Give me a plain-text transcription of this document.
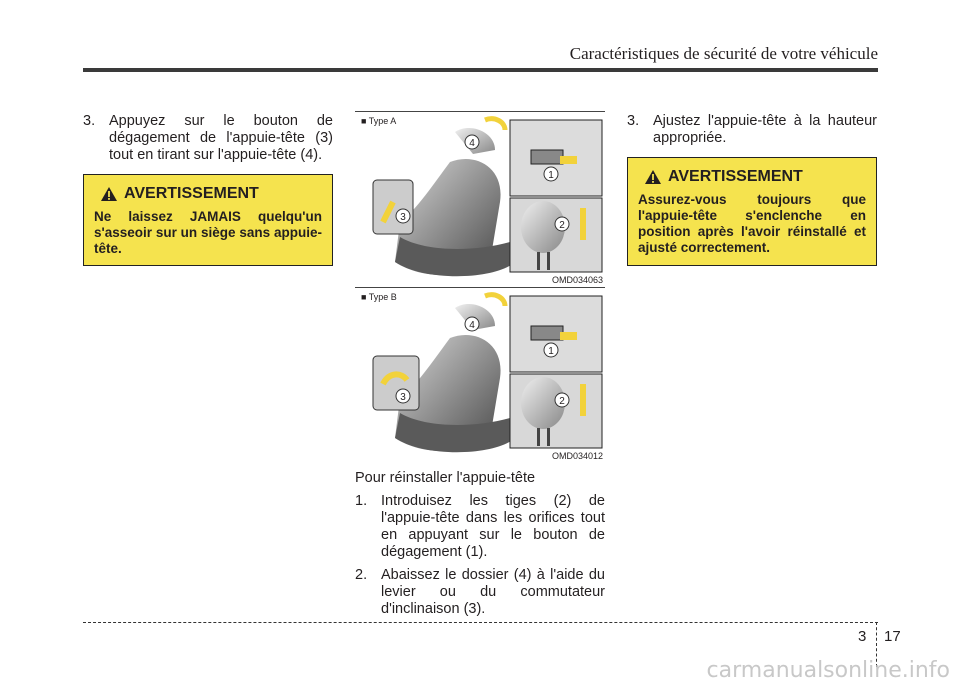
Caractéristiques de sécurité de votre véhicule
3. Appuyez sur le bouton de dégagement de l'appuie-tête (3) tout en tirant sur l'appuie-tête (4).
AVERTISSEMENT
Ne laissez JAMAIS quelqu'un s'asseoir sur un siège sans appuie-tête.
4
3
1
2
■ Type A
OMD034063
4
3
1
2
■ Type B
OMD034012
Pour réinstaller l'appuie-tête
1. Introduisez les tiges (2) de l'appuie-tête dans les orifices tout en appuyant sur le bouton de dégagement (1).
2. Abaissez le dossier (4) à l'aide du levier ou du commutateur d'inclinaison (3).
3. Ajustez l'appuie-tête à la hauteur appropriée.
AVERTISSEMENT
Assurez-vous toujours que l'appuie-tête s'enclenche en position après l'avoir réinstallé et ajusté correctement.
3 17
carmanualsonline.info
